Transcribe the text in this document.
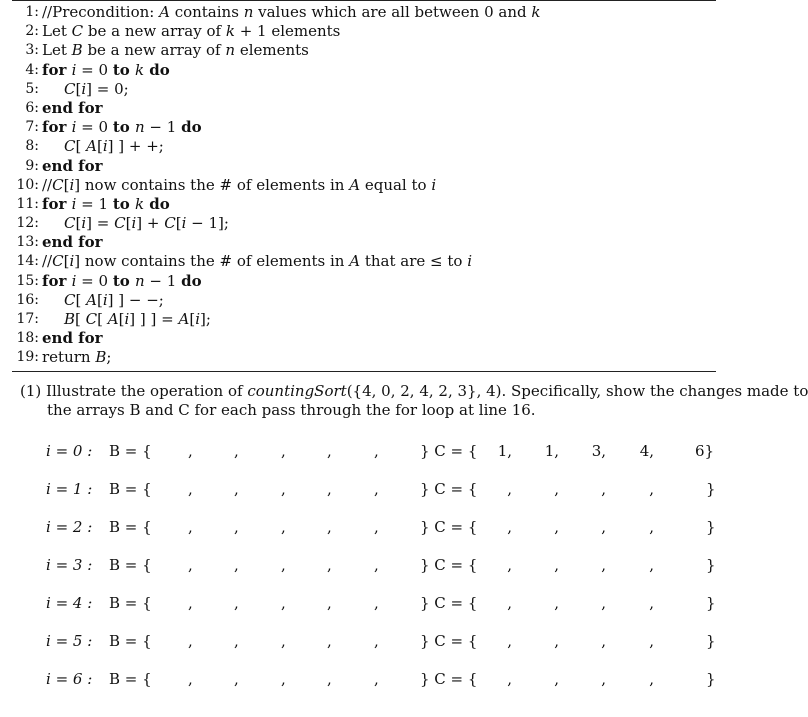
1: //Precondition: A contains n values which are all between 0 and k
2: Let C be a new array of k + 1 elements
3: Let B be a new array of n elements
4: for i = 0 to k do
5: C[i] = 0;
6: end for
7: for i = 0 to n − 1 do
8: C[ A[i] ] + +;
9: end for
10: //C[i] now contains the # of elements in A equal to i
11: for i = 1 to k do
12: C[i] = C[i] + C[i − 1];
13: end for
14: //C[i] now contains the # of elements in A that are ≤ to i
15: for i = 0 to n − 1 do
16: C[ A[i] ] − −;
17: B[ C[ A[i] ] ] = A[i];
18: end for
19: return B;
(1) Illustrate the operation of countingSort({4, 0, 2, 4, 2, 3}, 4). Specifically, show the changes made to
the arrays B and C for each pass through the for loop at line 16.
i = 0 : B = { ,	,	,	,	,	} C = {	1,	1,	3,	4,	6}
i = 1 : B = { ,	,	,	,	,	} C = {	,	,	,	,	}
i = 2 : B = { ,	,	,	,	,	} C = {	,	,	,	,	}
i = 3 : B = { ,	,	,	,	,	} C = {	,	,	,	,	}
i = 4 : B = { ,	,	,	,	,	} C = {	,	,	,	,	}
i = 5 : B = { ,	,	,	,	,	} C = {	,	,	,	,	}
i = 6 : B = { ,	,	,	,	,	} C = {	,	,	,	,	}
